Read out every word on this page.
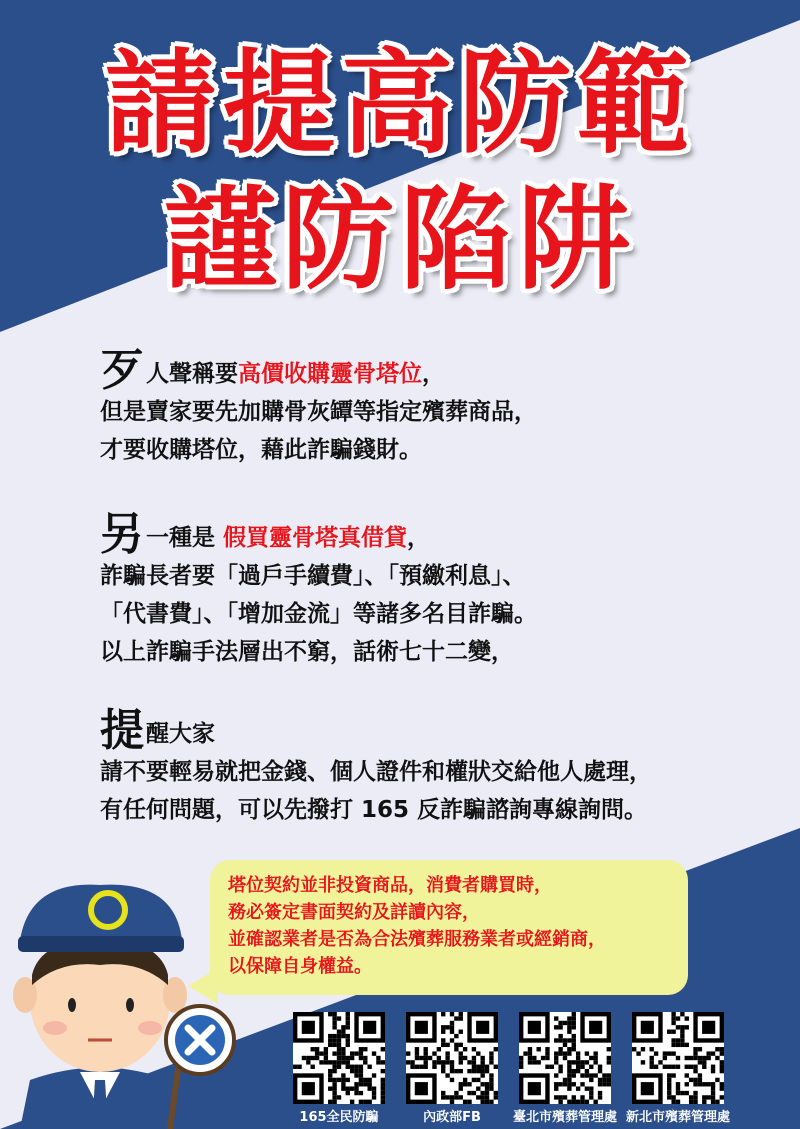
請提高防範
謹防陷阱
歹人聲稱要高價收購靈骨塔位，
但是賣家要先加購骨灰罈等指定殯葬商品，
才要收購塔位，藉此詐騙錢財。
另一種是 假買靈骨塔真借貸，
詐騙長者要「過戶手續費」、「預繳利息」、
「代書費」、「增加金流」等諸多名目詐騙。
以上詐騙手法層出不窮，話術七十二變，
提醒大家
請不要輕易就把金錢、個人證件和權狀交給他人處理，
有任何問題，可以先撥打 165 反詐騙諮詢專線詢問。
塔位契約並非投資商品，消費者購買時，
務必簽定書面契約及詳讀內容，
並確認業者是否為合法殯葬服務業者或經銷商，
以保障自身權益。
165全民防騙	內政部FB	臺北市殯葬管理處 新北市殯葬管理處
